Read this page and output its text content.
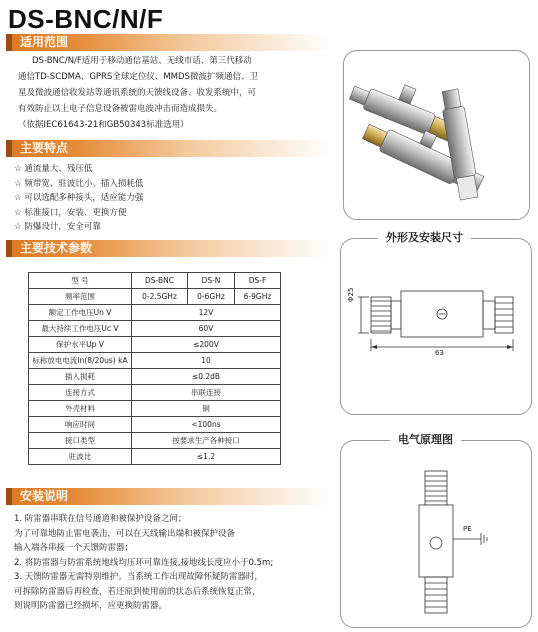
DS-BNC/N/F
适用范围
DS-BNC/N/F适用于移动通信基站、无线市话、第三代移动
通信TD-SCDMA、GPRS全球定位仪、MMDS微波扩频通信、卫
星及微波通信收发站等通讯系统的天馈线设备、收发系统中，可
有效防止以上电子信息设备被雷电波冲击而造成损失。
（依据IEC61643-21和GB50343标准选用）
主要特点
☆ 通流量大、残压低
☆ 频带宽、驻波比小、插入损耗低
☆ 可以选配多种接头，适应能力强
☆ 标准接口，安装、更换方便
☆ 防爆设计，安全可靠
主要技术参数
型 号	DS-BNC	DS-N	DS-F
频率范围	0-2.5GHz	0-6GHz	6-9GHz
额定工作电压Un V	12V		
最大持续工作电压Uc V	60V		
保护水平Up V	≤200V		
标称放电电流In(8/20us) kA	10		
插入损耗	≤0.2dB		
连接方式	串联连接		
外壳材料	铜		
响应时间	<100ns		
接口类型	按要求生产各种接口		
驻波比	≤1.2		
安装说明
1. 防雷器串联在信号通道和被保护设备之间；
为了可靠地防止雷电袭击，可以在天线输出端和被保护设备
输入端各串接一个天馈防雷器；
2. 将防雷器与防雷系统地线均压环可靠连接,接地线长度应小于0.5m;
3. 天馈防雷器无需特别维护。当系统工作出现故障怀疑防雷器时，
可拆除防雷器后再检查，若还原到使用前的状态后系统恢复正常，
则说明防雷器已经损坏，应更换防雷器。
Φ25
63
外形及安装尺寸
PE
电气原理图
